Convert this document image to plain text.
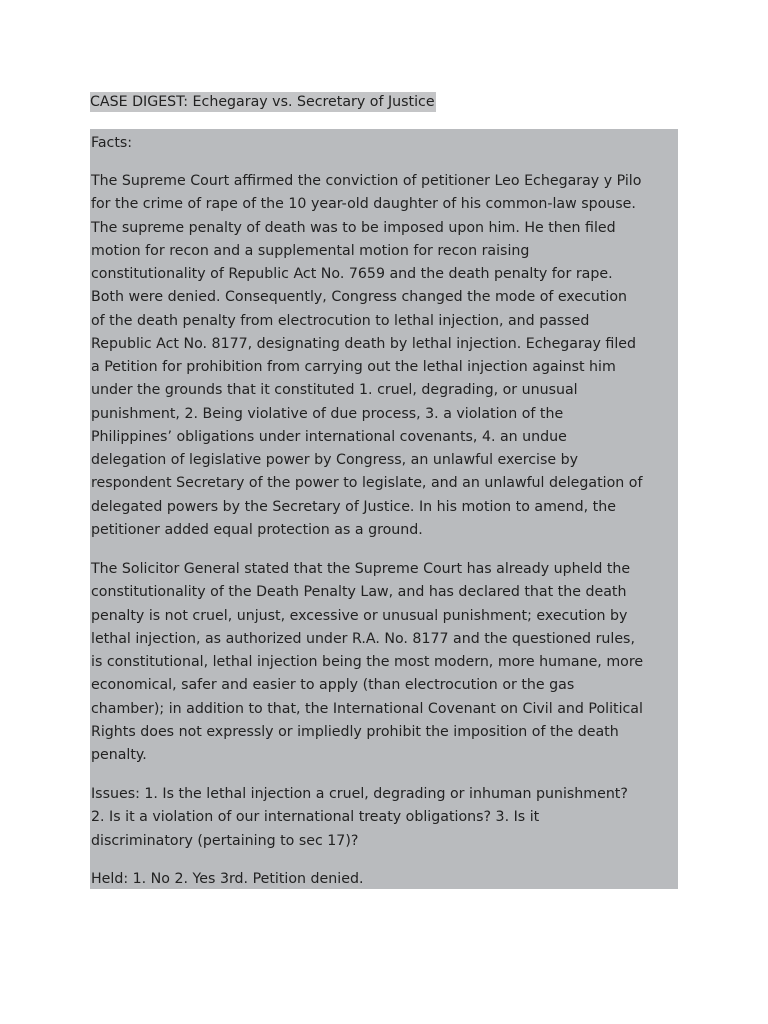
CASE DIGEST: Echegaray vs. Secretary of Justice

Facts:

The Supreme Court affirmed the conviction of petitioner Leo Echegaray y Pilo
for the crime of rape of the 10 year-old daughter of his common-law spouse.
The supreme penalty of death was to be imposed upon him. He then filed
motion for recon and a supplemental motion for recon raising
constitutionality of Republic Act No. 7659 and the death penalty for rape.
Both were denied. Consequently, Congress changed the mode of execution
of the death penalty from electrocution to lethal injection, and passed
Republic Act No. 8177, designating death by lethal injection. Echegaray filed
a Petition for prohibition from carrying out the lethal injection against him
under the grounds that it constituted 1. cruel, degrading, or unusual
punishment, 2. Being violative of due process, 3. a violation of the
Philippines’ obligations under international covenants, 4. an undue
delegation of legislative power by Congress, an unlawful exercise by
respondent Secretary of the power to legislate, and an unlawful delegation of
delegated powers by the Secretary of Justice. In his motion to amend, the
petitioner added equal protection as a ground.

The Solicitor General stated that the Supreme Court has already upheld the
constitutionality of the Death Penalty Law, and has declared that the death
penalty is not cruel, unjust, excessive or unusual punishment; execution by
lethal injection, as authorized under R.A. No. 8177 and the questioned rules,
is constitutional, lethal injection being the most modern, more humane, more
economical, safer and easier to apply (than electrocution or the gas
chamber); in addition to that, the International Covenant on Civil and Political
Rights does not expressly or impliedly prohibit the imposition of the death
penalty.

Issues: 1. Is the lethal injection a cruel, degrading or inhuman punishment?
2. Is it a violation of our international treaty obligations? 3. Is it
discriminatory (pertaining to sec 17)?

Held: 1. No 2. Yes 3rd. Petition denied.
